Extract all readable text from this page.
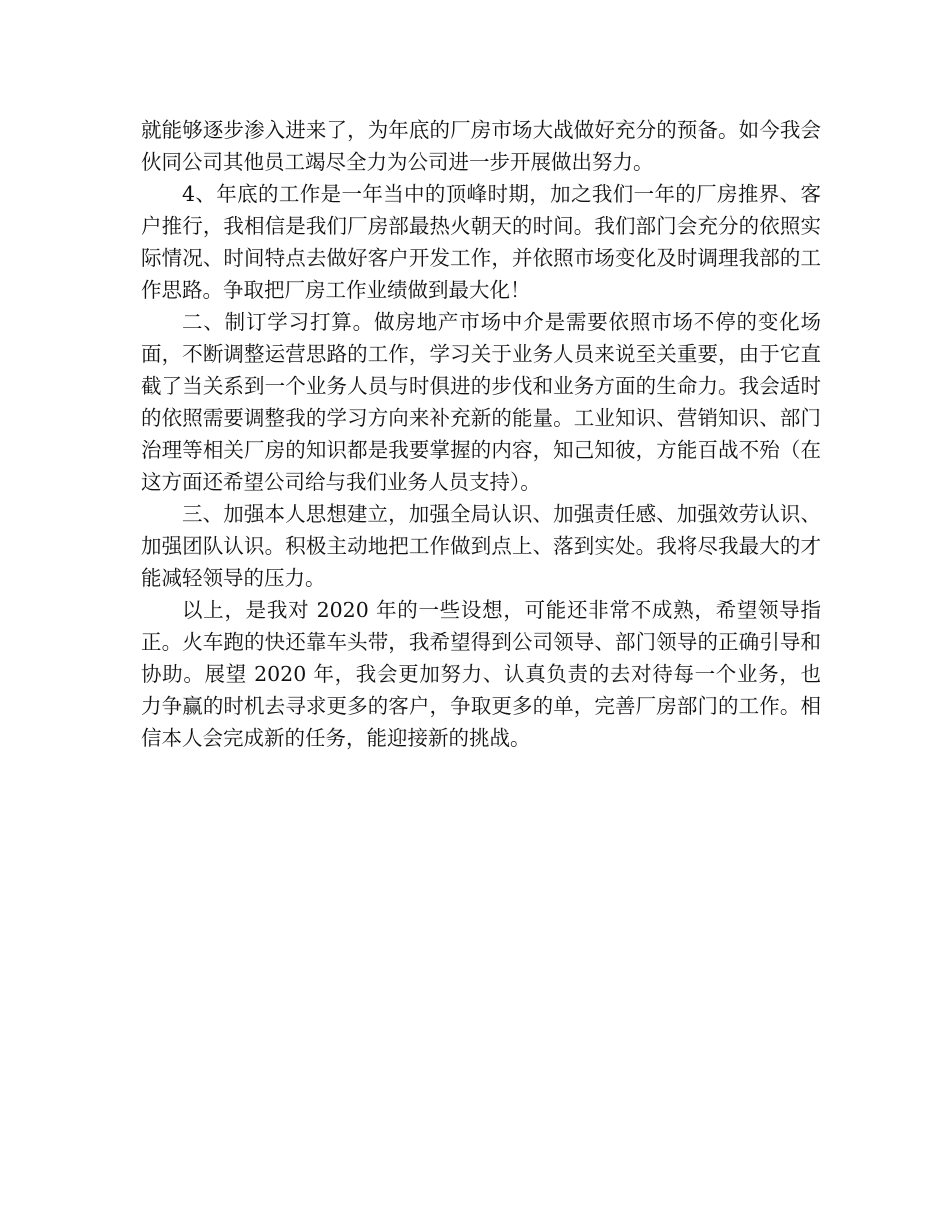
就能够逐步渗入进来了，为年底的厂房市场大战做好充分的预备。如今我会伙同公司其他员工竭尽全力为公司进一步开展做出努力。

4、年底的工作是一年当中的顶峰时期，加之我们一年的厂房推界、客户推行，我相信是我们厂房部最热火朝天的时间。我们部门会充分的依照实际情况、时间特点去做好客户开发工作，并依照市场变化及时调理我部的工作思路。争取把厂房工作业绩做到最大化！

二、制订学习打算。做房地产市场中介是需要依照市场不停的变化场面，不断调整运营思路的工作，学习关于业务人员来说至关重要，由于它直截了当关系到一个业务人员与时俱进的步伐和业务方面的生命力。我会适时的依照需要调整我的学习方向来补充新的能量。工业知识、营销知识、部门治理等相关厂房的知识都是我要掌握的内容，知己知彼，方能百战不殆（在这方面还希望公司给与我们业务人员支持）。

三、加强本人思想建立，加强全局认识、加强责任感、加强效劳认识、加强团队认识。积极主动地把工作做到点上、落到实处。我将尽我最大的才能减轻领导的压力。

以上，是我对 2020 年的一些设想，可能还非常不成熟，希望领导指正。火车跑的快还靠车头带，我希望得到公司领导、部门领导的正确引导和协助。展望 2020 年，我会更加努力、认真负责的去对待每一个业务，也力争赢的时机去寻求更多的客户，争取更多的单，完善厂房部门的工作。相信本人会完成新的任务，能迎接新的挑战。
